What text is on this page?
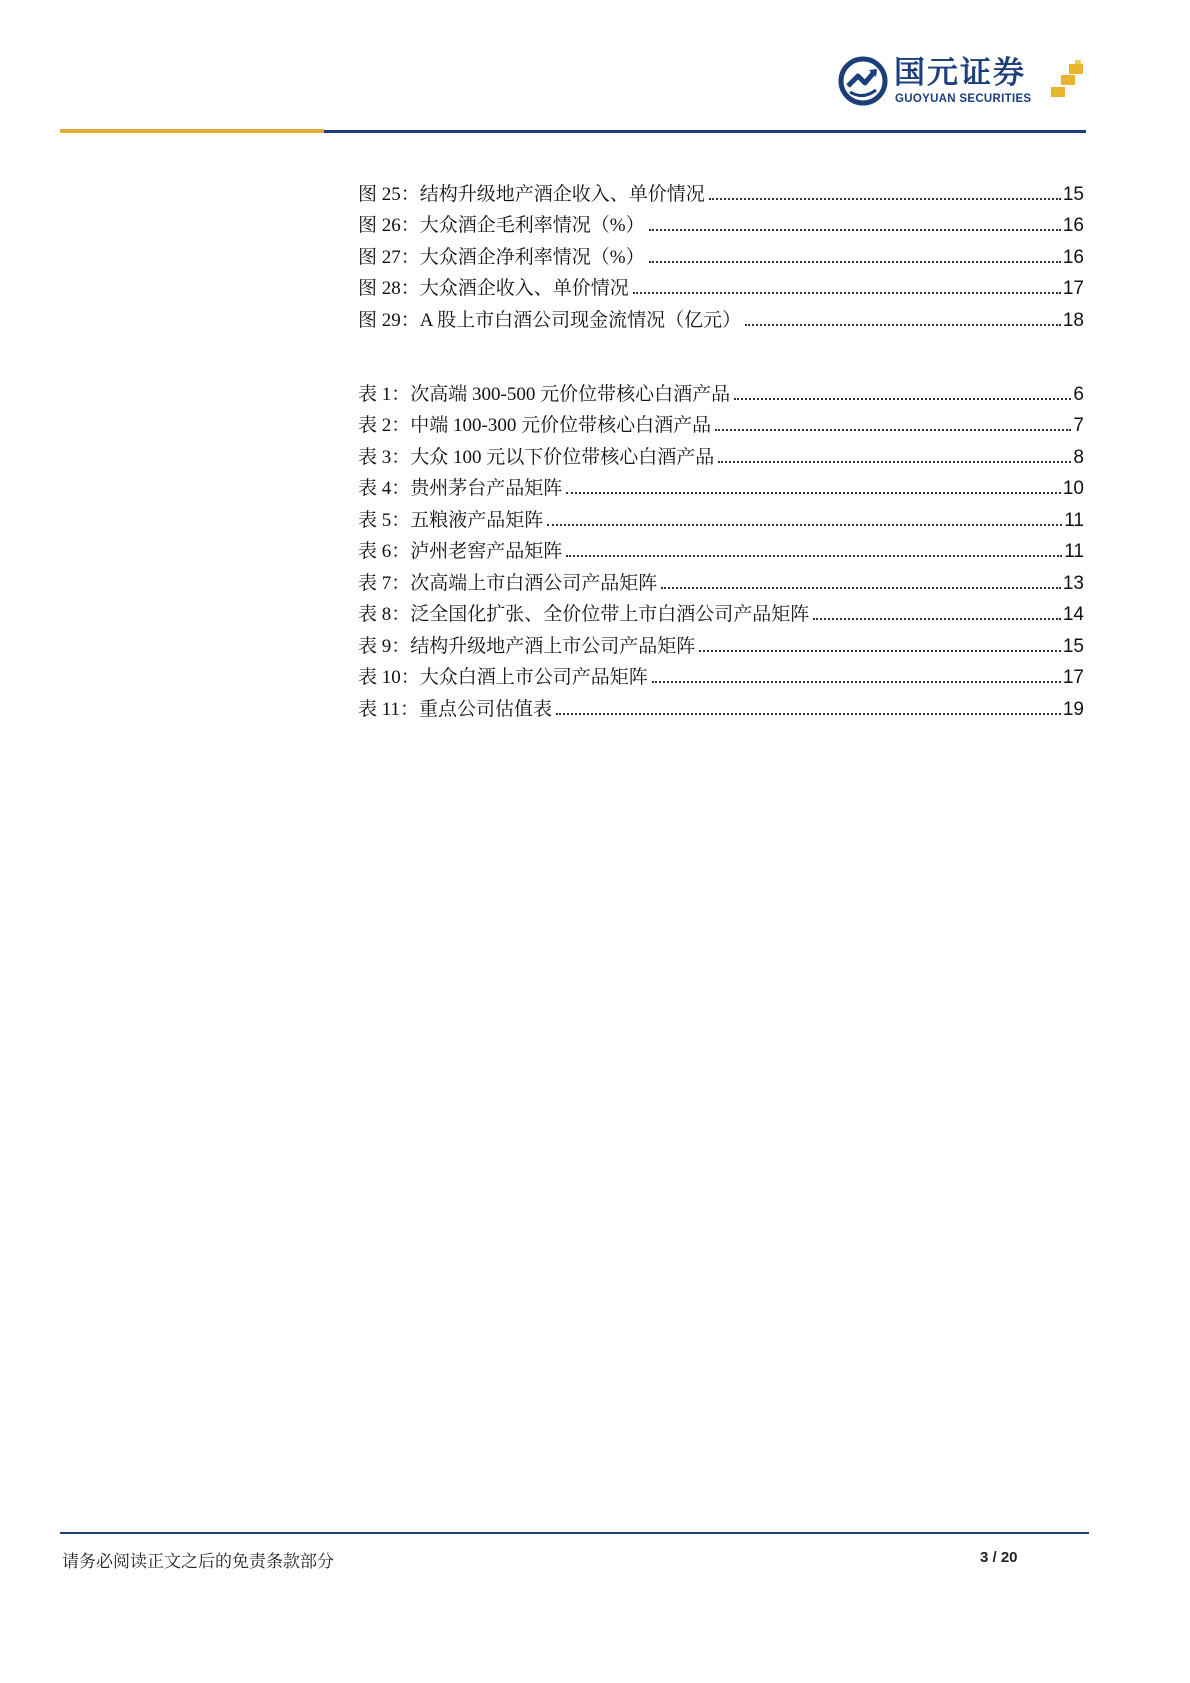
国元证券
GUOYUAN SECURITIES
图 25：结构升级地产酒企收入、单价情况	15
图 26：大众酒企毛利率情况（%）	16
图 27：大众酒企净利率情况（%）	16
图 28：大众酒企收入、单价情况	17
图 29：A 股上市白酒公司现金流情况（亿元）	18
表 1：次高端 300-500 元价位带核心白酒产品	6
表 2：中端 100-300 元价位带核心白酒产品	7
表 3：大众 100 元以下价位带核心白酒产品	8
表 4：贵州茅台产品矩阵	10
表 5：五粮液产品矩阵	11
表 6：泸州老窖产品矩阵	11
表 7：次高端上市白酒公司产品矩阵	13
表 8：泛全国化扩张、全价位带上市白酒公司产品矩阵	14
表 9：结构升级地产酒上市公司产品矩阵	15
表 10：大众白酒上市公司产品矩阵	17
表 11：重点公司估值表	19
请务必阅读正文之后的免责条款部分	3 / 20
